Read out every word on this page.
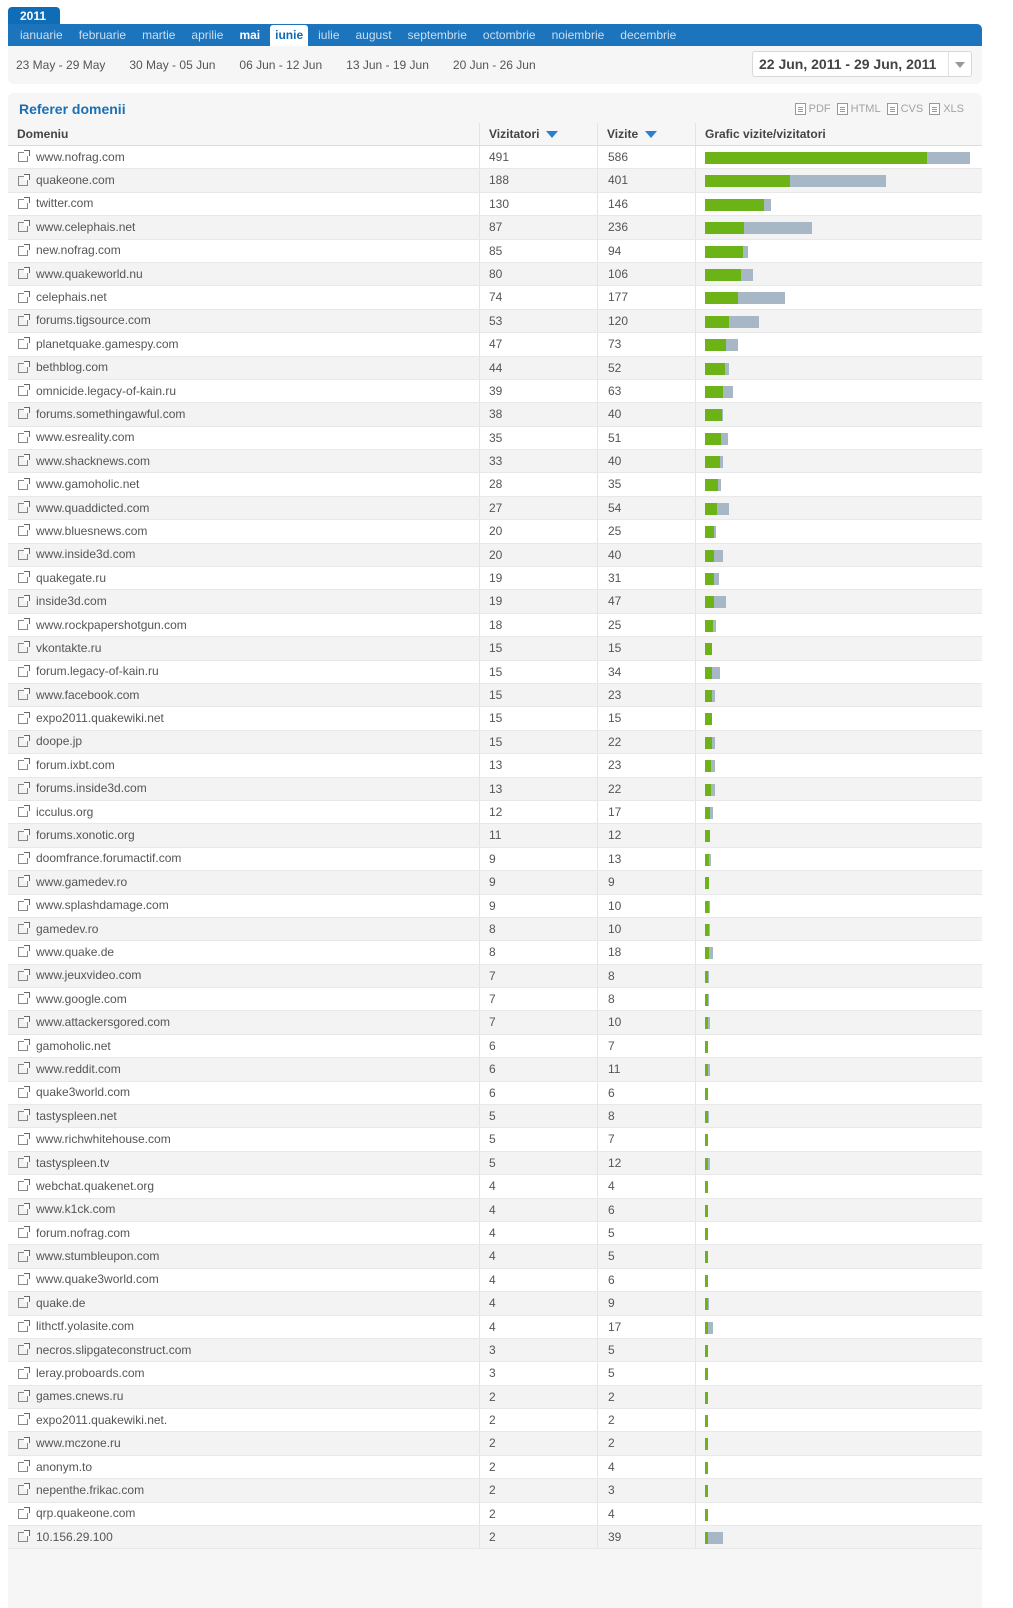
2011
ianuarie	februarie	martie	aprilie	mai	iunie	iulie	august	septembrie	octombrie	noiembrie	decembrie
23 May - 29 May 30 May - 05 Jun 06 Jun - 12 Jun 13 Jun - 19 Jun 20 Jun - 26 Jun	22 Jun, 2011 - 29 Jun, 2011
Referer domenii	PDF HTML CVS XLS
Domeniu	Vizitatori	Vizite	Grafic vizite/vizitatori
www.nofrag.com	491	586
quakeone.com	188	401
twitter.com	130	146
www.celephais.net	87	236
new.nofrag.com	85	94
www.quakeworld.nu	80	106
celephais.net	74	177
forums.tigsource.com	53	120
planetquake.gamespy.com	47	73
bethblog.com	44	52
omnicide.legacy-of-kain.ru	39	63
forums.somethingawful.com	38	40
www.esreality.com	35	51
www.shacknews.com	33	40
www.gamoholic.net	28	35
www.quaddicted.com	27	54
www.bluesnews.com	20	25
www.inside3d.com	20	40
quakegate.ru	19	31
inside3d.com	19	47
www.rockpapershotgun.com	18	25
vkontakte.ru	15	15
forum.legacy-of-kain.ru	15	34
www.facebook.com	15	23
expo2011.quakewiki.net	15	15
doope.jp	15	22
forum.ixbt.com	13	23
forums.inside3d.com	13	22
icculus.org	12	17
forums.xonotic.org	11	12
doomfrance.forumactif.com	9	13
www.gamedev.ro	9	9
www.splashdamage.com	9	10
gamedev.ro	8	10
www.quake.de	8	18
www.jeuxvideo.com	7	8
www.google.com	7	8
www.attackersgored.com	7	10
gamoholic.net	6	7
www.reddit.com	6	11
quake3world.com	6	6
tastyspleen.net	5	8
www.richwhitehouse.com	5	7
tastyspleen.tv	5	12
webchat.quakenet.org	4	4
www.k1ck.com	4	6
forum.nofrag.com	4	5
www.stumbleupon.com	4	5
www.quake3world.com	4	6
quake.de	4	9
lithctf.yolasite.com	4	17
necros.slipgateconstruct.com	3	5
leray.proboards.com	3	5
games.cnews.ru	2	2
expo2011.quakewiki.net.	2	2
www.mczone.ru	2	2
anonym.to	2	4
nepenthe.frikac.com	2	3
qrp.quakeone.com	2	4
10.156.29.100	2	39
